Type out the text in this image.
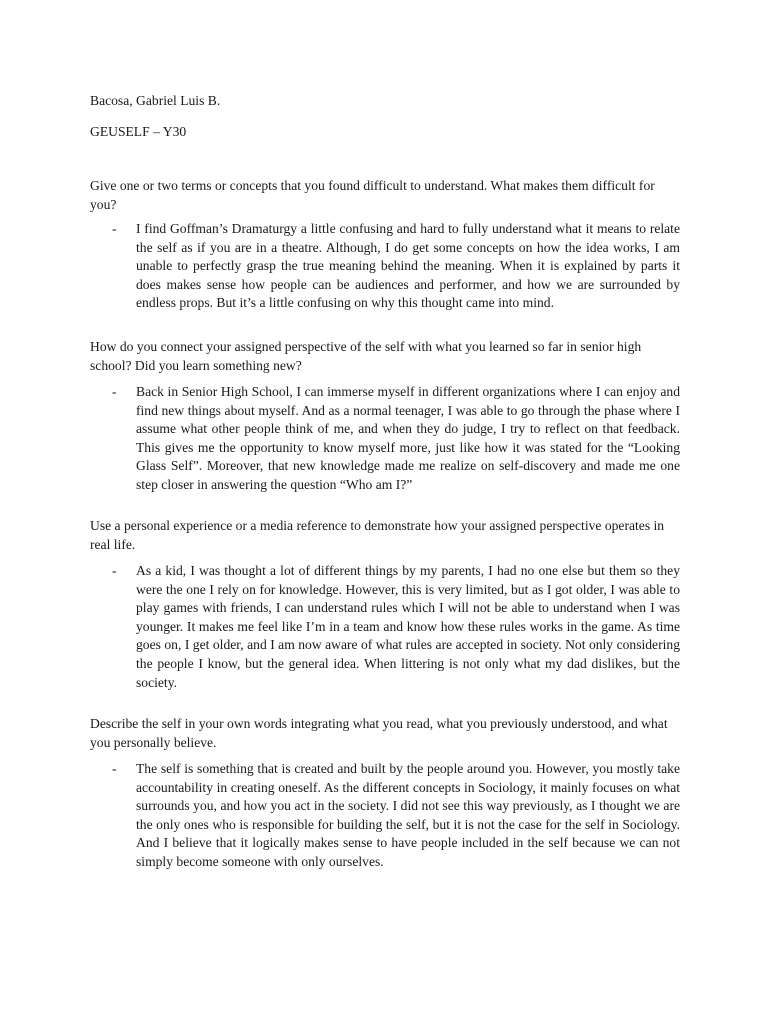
Bacosa, Gabriel Luis B.
GEUSELF – Y30
Give one or two terms or concepts that you found difficult to understand. What makes them difficult for you?
- I find Goffman’s Dramaturgy a little confusing and hard to fully understand what it means to relate the self as if you are in a theatre. Although, I do get some concepts on how the idea works, I am unable to perfectly grasp the true meaning behind the meaning. When it is explained by parts it does makes sense how people can be audiences and performer, and how we are surrounded by endless props. But it’s a little confusing on why this thought came into mind.
How do you connect your assigned perspective of the self with what you learned so far in senior high school? Did you learn something new?
- Back in Senior High School, I can immerse myself in different organizations where I can enjoy and find new things about myself. And as a normal teenager, I was able to go through the phase where I assume what other people think of me, and when they do judge, I try to reflect on that feedback. This gives me the opportunity to know myself more, just like how it was stated for the “Looking Glass Self”. Moreover, that new knowledge made me realize on self-discovery and made me one step closer in answering the question “Who am I?”
Use a personal experience or a media reference to demonstrate how your assigned perspective operates in real life.
- As a kid, I was thought a lot of different things by my parents, I had no one else but them so they were the one I rely on for knowledge. However, this is very limited, but as I got older, I was able to play games with friends, I can understand rules which I will not be able to understand when I was younger. It makes me feel like I’m in a team and know how these rules works in the game. As time goes on, I get older, and I am now aware of what rules are accepted in society. Not only considering the people I know, but the general idea. When littering is not only what my dad dislikes, but the society.
Describe the self in your own words integrating what you read, what you previously understood, and what you personally believe.
- The self is something that is created and built by the people around you. However, you mostly take accountability in creating oneself. As the different concepts in Sociology, it mainly focuses on what surrounds you, and how you act in the society. I did not see this way previously, as I thought we are the only ones who is responsible for building the self, but it is not the case for the self in Sociology. And I believe that it logically makes sense to have people included in the self because we can not simply become someone with only ourselves.
